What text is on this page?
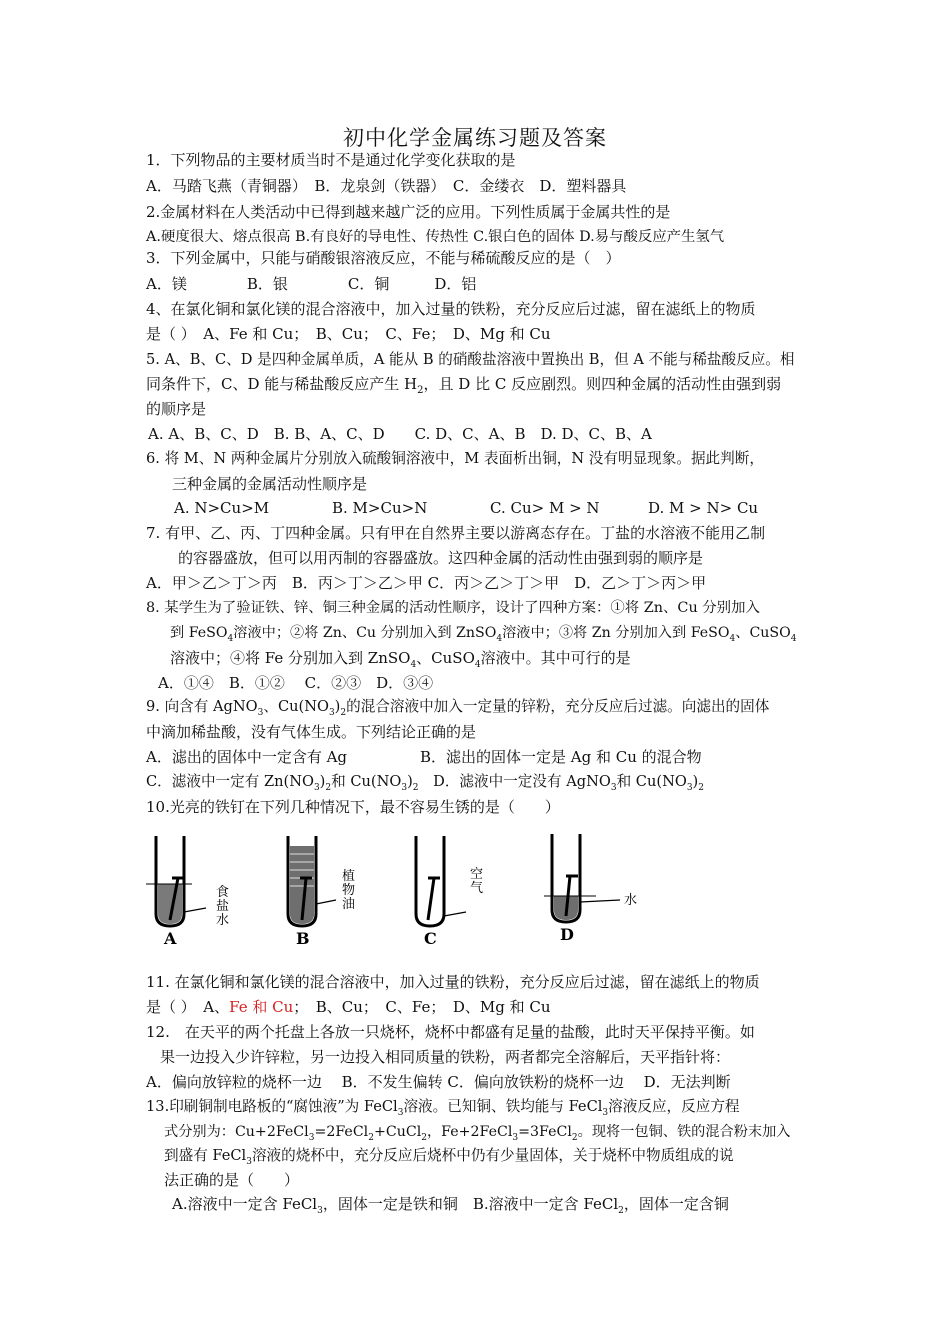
初中化学金属练习题及答案
1．下列物品的主要材质当时不是通过化学变化获取的是
A．马踏飞燕（青铜器）　B．龙泉剑（铁器）　C．金缕衣　D．塑料器具
2.金属材料在人类活动中已得到越来越广泛的应用。下列性质属于金属共性的是
A.硬度很大、熔点很高 B.有良好的导电性、传热性 C.银白色的固体 D.易与酸反应产生氢气
3．下列金属中，只能与硝酸银溶液反应，不能与稀硫酸反应的是（　）
A．镁　　　　B．银　　　　C．铜　　　D．铝
4、在氯化铜和氯化镁的混合溶液中，加入过量的铁粉，充分反应后过滤，留在滤纸上的物质
是（ ）　A、Fe 和 Cu；　B、Cu；　C、Fe；　D、Mg 和 Cu
5. A、B、C、D 是四种金属单质，A 能从 B 的硝酸盐溶液中置换出 B，但 A 不能与稀盐酸反应。相
同条件下，C、D 能与稀盐酸反应产生 $H_2$，且 D 比 C 反应剧烈。则四种金属的活动性由强到弱
的顺序是
A. A、B、C、D　B. B、A、C、D　　C. D、C、A、B　D. D、C、B、A
6. 将 M、N 两种金属片分别放入硫酸铜溶液中，M 表面析出铜，N 没有明显现象。据此判断，
三种金属的金属活动性顺序是
A. N>Cu>M	B. M>Cu>N	C. Cu> M > N	D. M > N> Cu
7. 有甲、乙、丙、丁四种金属。只有甲在自然界主要以游离态存在。丁盐的水溶液不能用乙制
的容器盛放，但可以用丙制的容器盛放。这四种金属的活动性由强到弱的顺序是
A．甲＞乙＞丁＞丙　B．丙＞丁＞乙＞甲 C．丙＞乙＞丁＞甲　D．乙＞丁＞丙＞甲
8. 某学生为了验证铁、锌、铜三种金属的活动性顺序，设计了四种方案：①将 Zn、Cu 分别加入
到 FeSO$_4$溶液中；②将 Zn、Cu 分别加入到 ZnSO$_4$溶液中；③将 Zn 分别加入到 FeSO$_4$、CuSO$_4$
溶液中；④将 Fe 分别加入到 ZnSO$_4$、CuSO$_4$溶液中。其中可行的是
A．①④　B．①②　 C．②③　D．③④
9. 向含有 AgNO$_3$、$Cu(NO_3)_2$的混合溶液中加入一定量的锌粉，充分反应后过滤。向滤出的固体
中滴加稀盐酸，没有气体生成。下列结论正确的是
A．滤出的固体中一定含有 Ag	B．滤出的固体一定是 Ag 和 Cu 的混合物
C．滤液中一定有 $Zn(NO_3)_2$和 $Cu(NO_3)_2$　 D．滤液中一定没有 AgNO$_3$和 $Cu(NO_3)_2$
10.光亮的铁钉在下列几种情况下，最不容易生锈的是（　　）
A
食
盐
水
B
植
物
油
C
空
气
D
水
11. 在氯化铜和氯化镁的混合溶液中，加入过量的铁粉，充分反应后过滤，留在滤纸上的物质
是（ ）　A、Fe 和 Cu；　B、Cu；　C、Fe；　D、Mg 和 Cu
12.　在天平的两个托盘上各放一只烧杯，烧杯中都盛有足量的盐酸，此时天平保持平衡。如
果一边投入少许锌粒，另一边投入相同质量的铁粉，两者都完全溶解后，天平指针将：
A．偏向放锌粒的烧杯一边　 B．不发生偏转 C．偏向放铁粉的烧杯一边　 D．无法判断
13.印刷铜制电路板的“腐蚀液”为 FeCl$_3$溶液。已知铜、铁均能与 FeCl$_3$溶液反应，反应方程
式分别为：Cu+2FeCl$_3$=2FeCl$_2$+CuCl$_2$，Fe+2FeCl$_3$=3FeCl$_2$。现将一包铜、铁的混合粉末加入
到盛有 FeCl$_3$溶液的烧杯中，充分反应后烧杯中仍有少量固体，关于烧杯中物质组成的说
法正确的是（　　）
A.溶液中一定含 FeCl$_3$，固体一定是铁和铜　B.溶液中一定含 FeCl$_2$，固体一定含铜
